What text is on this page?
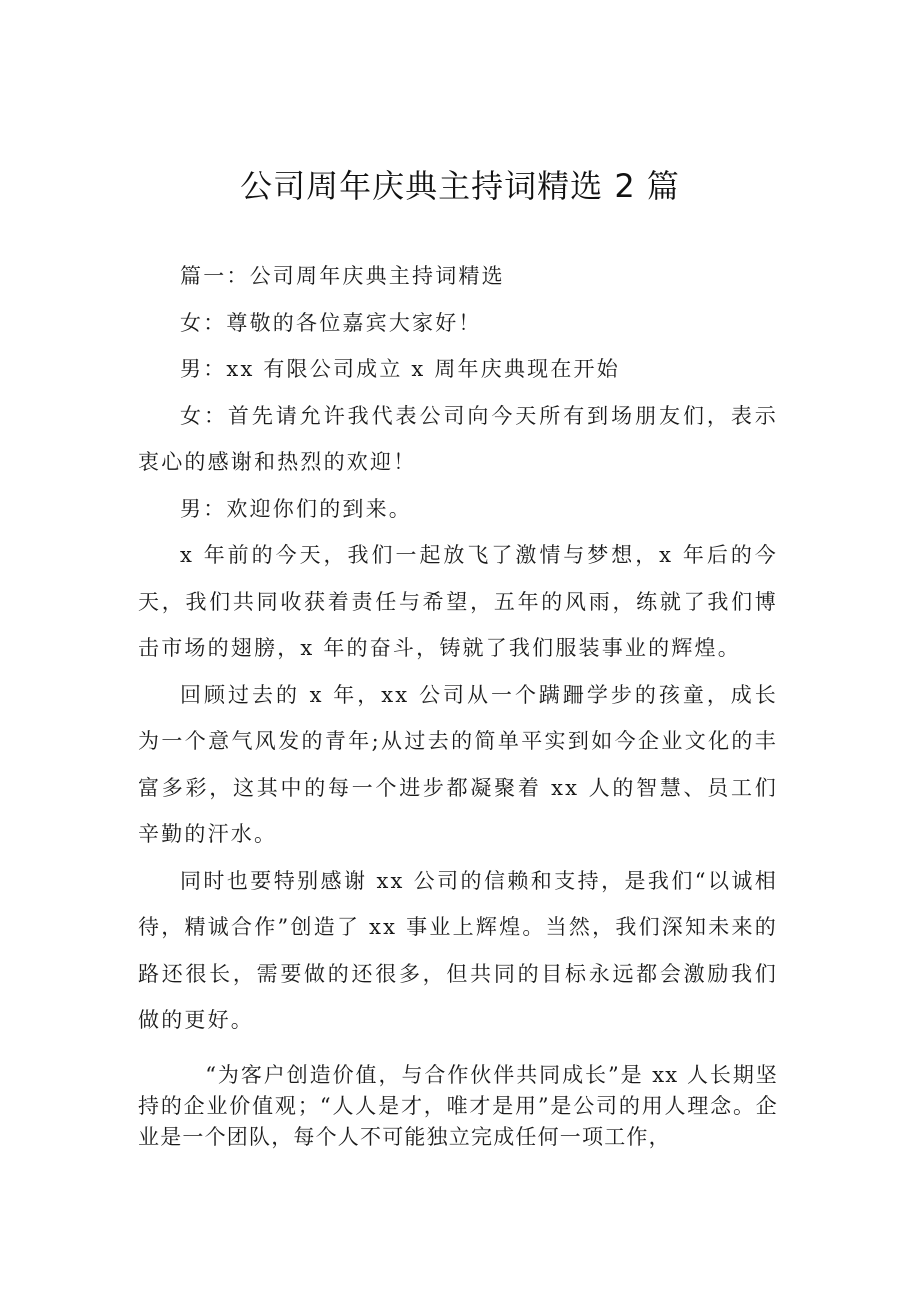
公司周年庆典主持词精选 2 篇

篇一：公司周年庆典主持词精选

女：尊敬的各位嘉宾大家好！

男：xx 有限公司成立 x 周年庆典现在开始

女：首先请允许我代表公司向今天所有到场朋友们，表示衷心的感谢和热烈的欢迎！

男：欢迎你们的到来。

x 年前的今天，我们一起放飞了激情与梦想，x 年后的今天，我们共同收获着责任与希望，五年的风雨，练就了我们博击市场的翅膀，x 年的奋斗，铸就了我们服装事业的辉煌。

回顾过去的 x 年，xx 公司从一个蹒跚学步的孩童，成长为一个意气风发的青年;从过去的简单平实到如今企业文化的丰富多彩，这其中的每一个进步都凝聚着 xx 人的智慧、员工们辛勤的汗水。

同时也要特别感谢 xx 公司的信赖和支持，是我们“以诚相待，精诚合作”创造了 xx 事业上辉煌。当然，我们深知未来的路还很长，需要做的还很多，但共同的目标永远都会激励我们做的更好。

“为客户创造价值，与合作伙伴共同成长”是 xx 人长期坚持的企业价值观；“人人是才，唯才是用”是公司的用人理念。企业是一个团队，每个人不可能独立完成任何一项工作，
